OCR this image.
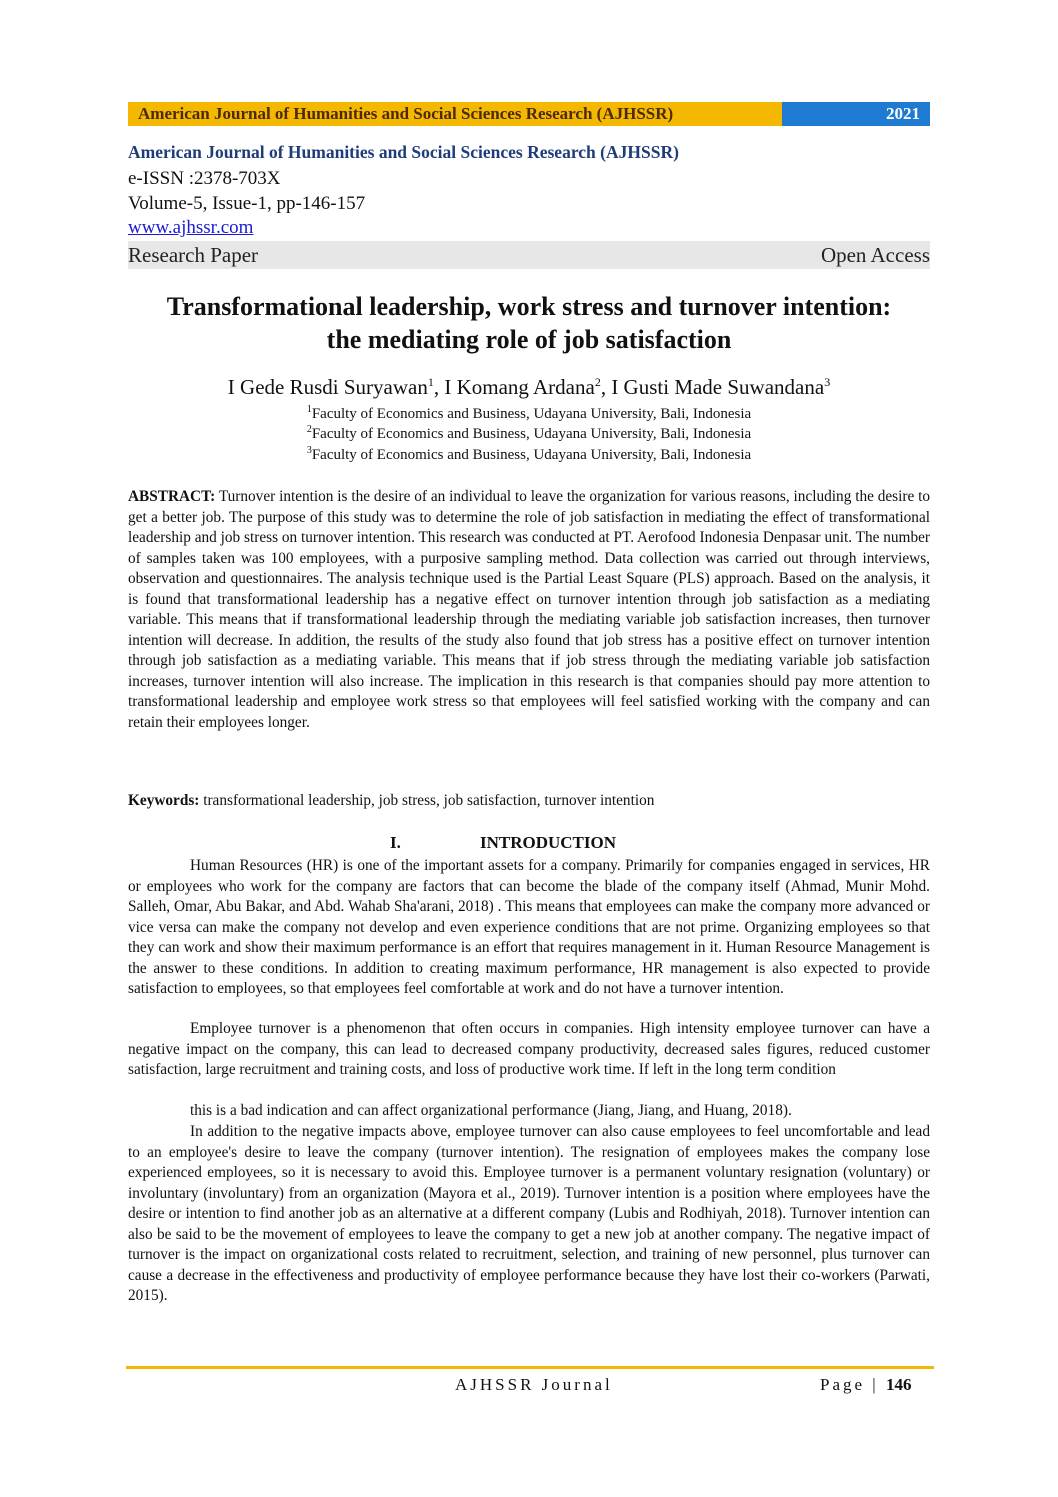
American Journal of Humanities and Social Sciences Research (AJHSSR)	2021
American Journal of Humanities and Social Sciences Research (AJHSSR)
e-ISSN :2378-703X
Volume-5, Issue-1, pp-146-157
www.ajhssr.com
Research Paper	Open Access
Transformational leadership, work stress and turnover intention:
the mediating role of job satisfaction
I Gede Rusdi Suryawan$^1$, I Komang Ardana$^2$, I Gusti Made Suwandana$^3$
$^1$Faculty of Economics and Business, Udayana University, Bali, Indonesia
$^2$Faculty of Economics and Business, Udayana University, Bali, Indonesia
$^3$Faculty of Economics and Business, Udayana University, Bali, Indonesia
ABSTRACT: Turnover intention is the desire of an individual to leave the organization for various reasons, including the desire to get a better job. The purpose of this study was to determine the role of job satisfaction in mediating the effect of transformational leadership and job stress on turnover intention. This research was conducted at PT. Aerofood Indonesia Denpasar unit. The number of samples taken was 100 employees, with a purposive sampling method. Data collection was carried out through interviews, observation and questionnaires. The analysis technique used is the Partial Least Square (PLS) approach. Based on the analysis, it is found that transformational leadership has a negative effect on turnover intention through job satisfaction as a mediating variable. This means that if transformational leadership through the mediating variable job satisfaction increases, then turnover intention will decrease. In addition, the results of the study also found that job stress has a positive effect on turnover intention through job satisfaction as a mediating variable. This means that if job stress through the mediating variable job satisfaction increases, turnover intention will also increase. The implication in this research is that companies should pay more attention to transformational leadership and employee work stress so that employees will feel satisfied working with the company and can retain their employees longer.
Keywords: transformational leadership, job stress, job satisfaction, turnover intention
I.	INTRODUCTION
Human Resources (HR) is one of the important assets for a company. Primarily for companies engaged in services, HR or employees who work for the company are factors that can become the blade of the company itself (Ahmad, Munir Mohd. Salleh, Omar, Abu Bakar, and Abd. Wahab Sha'arani, 2018) . This means that employees can make the company more advanced or vice versa can make the company not develop and even experience conditions that are not prime. Organizing employees so that they can work and show their maximum performance is an effort that requires management in it. Human Resource Management is the answer to these conditions. In addition to creating maximum performance, HR management is also expected to provide satisfaction to employees, so that employees feel comfortable at work and do not have a turnover intention.
Employee turnover is a phenomenon that often occurs in companies. High intensity employee turnover can have a negative impact on the company, this can lead to decreased company productivity, decreased sales figures, reduced customer satisfaction, large recruitment and training costs, and loss of productive work time. If left in the long term condition
this is a bad indication and can affect organizational performance (Jiang, Jiang, and Huang, 2018).
In addition to the negative impacts above, employee turnover can also cause employees to feel uncomfortable and lead to an employee's desire to leave the company (turnover intention). The resignation of employees makes the company lose experienced employees, so it is necessary to avoid this. Employee turnover is a permanent voluntary resignation (voluntary) or involuntary (involuntary) from an organization (Mayora et al., 2019). Turnover intention is a position where employees have the desire or intention to find another job as an alternative at a different company (Lubis and Rodhiyah, 2018). Turnover intention can also be said to be the movement of employees to leave the company to get a new job at another company. The negative impact of turnover is the impact on organizational costs related to recruitment, selection, and training of new personnel, plus turnover can cause a decrease in the effectiveness and productivity of employee performance because they have lost their co-workers (Parwati, 2015).
AJHSSR Journal	Page | 146
